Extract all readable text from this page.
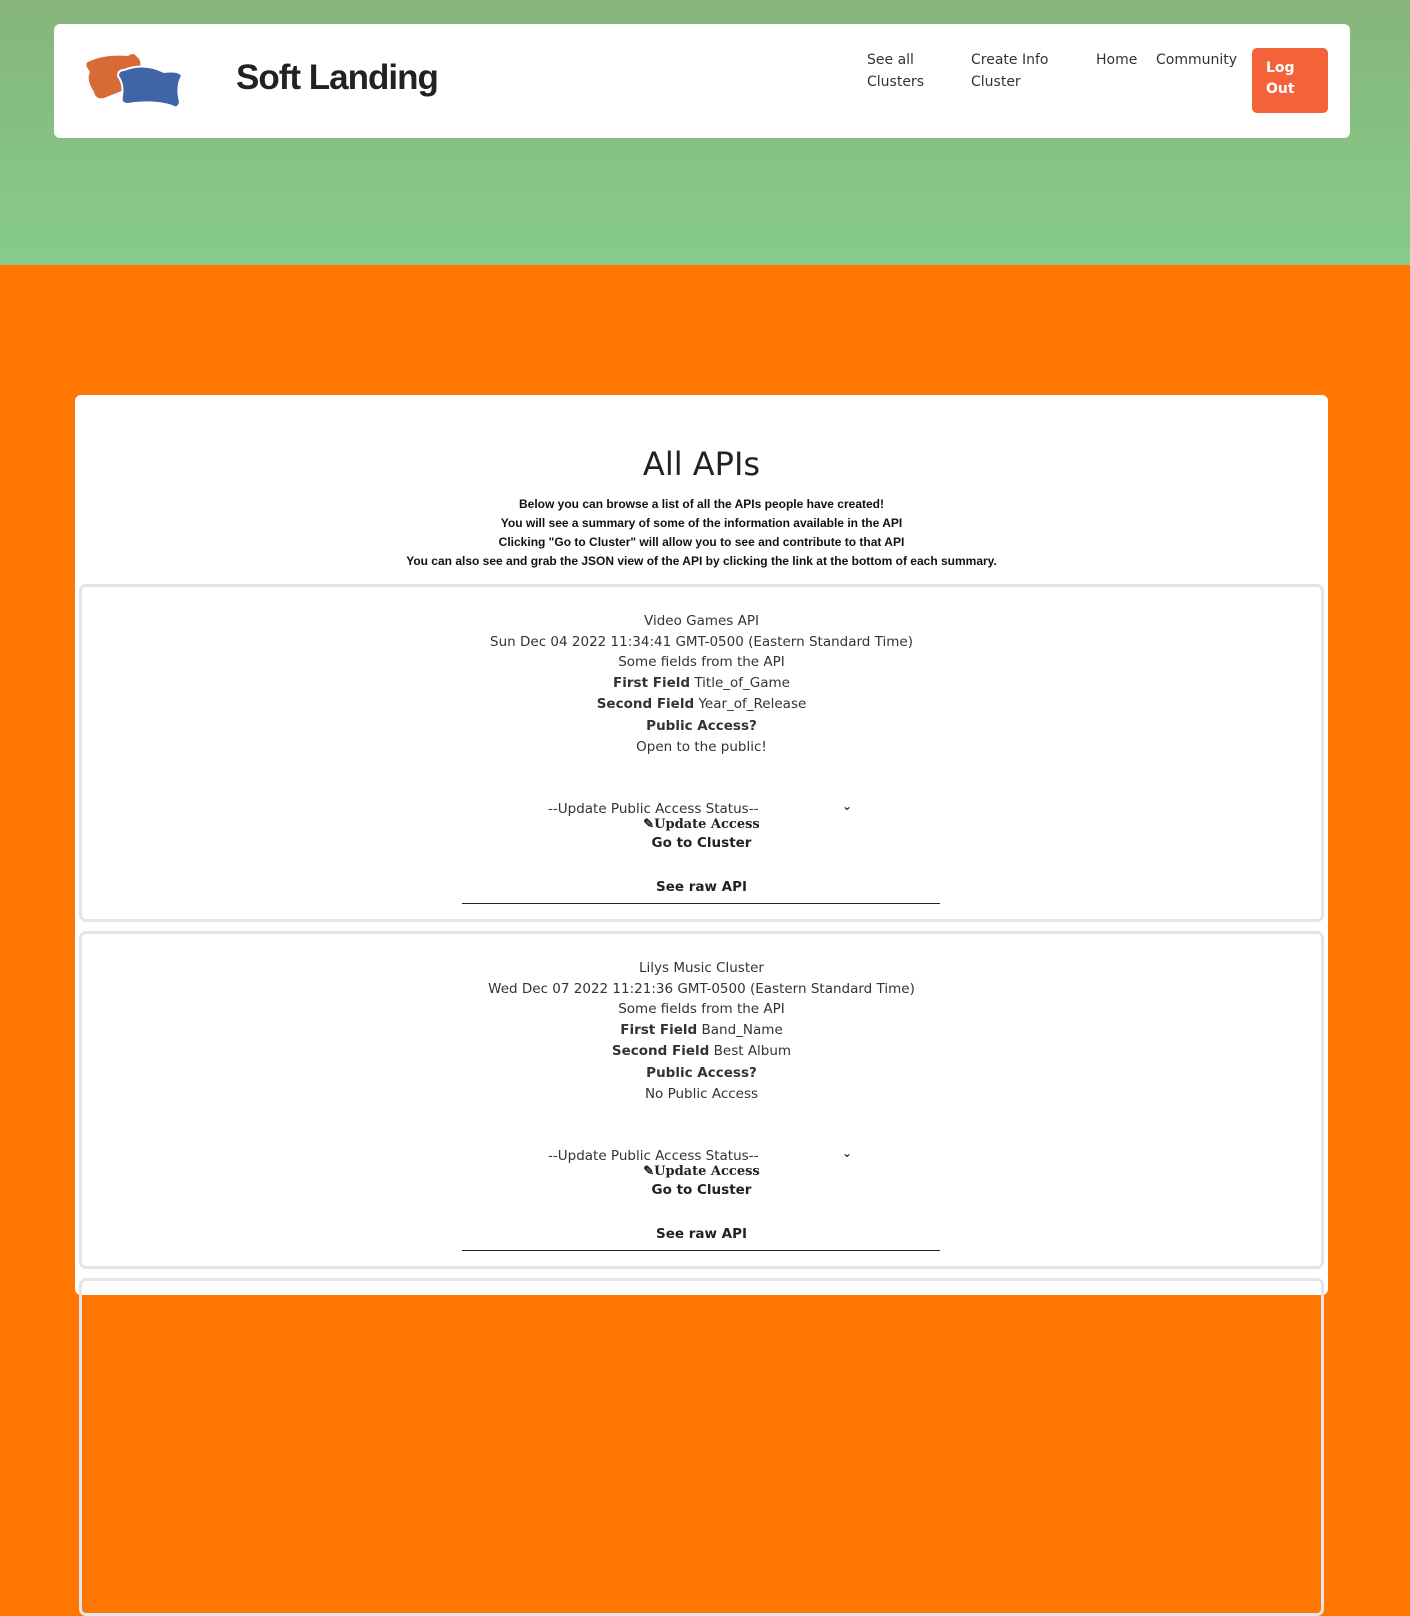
Soft Landing	See all Clusters
Create Info Cluster
Home	Community	Log Out
All APIs
Below you can browse a list of all the APIs people have created!
You will see a summary of some of the information available in the API
Clicking "Go to Cluster" will allow you to see and contribute to that API
You can also see and grab the JSON view of the API by clicking the link at the bottom of each summary.
Video Games API
Sun Dec 04 2022 11:34:41 GMT-0500 (Eastern Standard Time)
Some fields from the API
First Field Title_of_Game
Second Field Year_of_Release
Public Access?
Open to the public!
--Update Public Access Status--	⌄
✎Update Access
Go to Cluster
See raw API
Lilys Music Cluster
Wed Dec 07 2022 11:21:36 GMT-0500 (Eastern Standard Time)
Some fields from the API
First Field Band_Name
Second Field Best Album
Public Access?
No Public Access
--Update Public Access Status--	⌄
✎Update Access
Go to Cluster
See raw API
